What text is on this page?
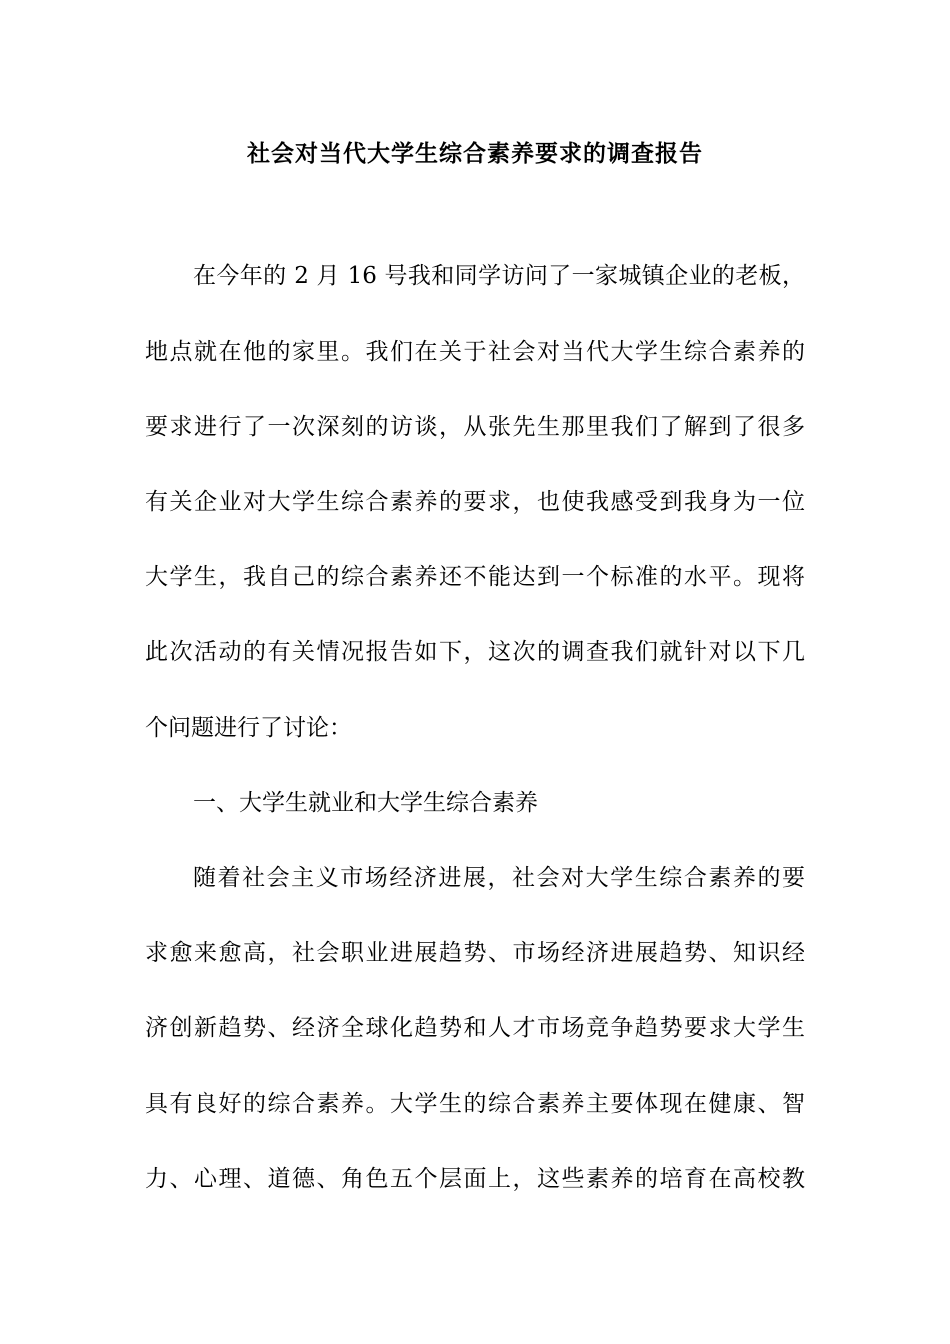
社会对当代大学生综合素养要求的调查报告
在今年的 2 月 16 号我和同学访问了一家城镇企业的老板，
地点就在他的家里。我们在关于社会对当代大学生综合素养的
要求进行了一次深刻的访谈，从张先生那里我们了解到了很多
有关企业对大学生综合素养的要求，也使我感受到我身为一位
大学生，我自己的综合素养还不能达到一个标准的水平。现将
此次活动的有关情况报告如下，这次的调查我们就针对以下几
个问题进行了讨论：
一、大学生就业和大学生综合素养
随着社会主义市场经济进展，社会对大学生综合素养的要
求愈来愈高，社会职业进展趋势、市场经济进展趋势、知识经
济创新趋势、经济全球化趋势和人才市场竞争趋势要求大学生
具有良好的综合素养。大学生的综合素养主要体现在健康、智
力、心理、道德、角色五个层面上，这些素养的培育在高校教
